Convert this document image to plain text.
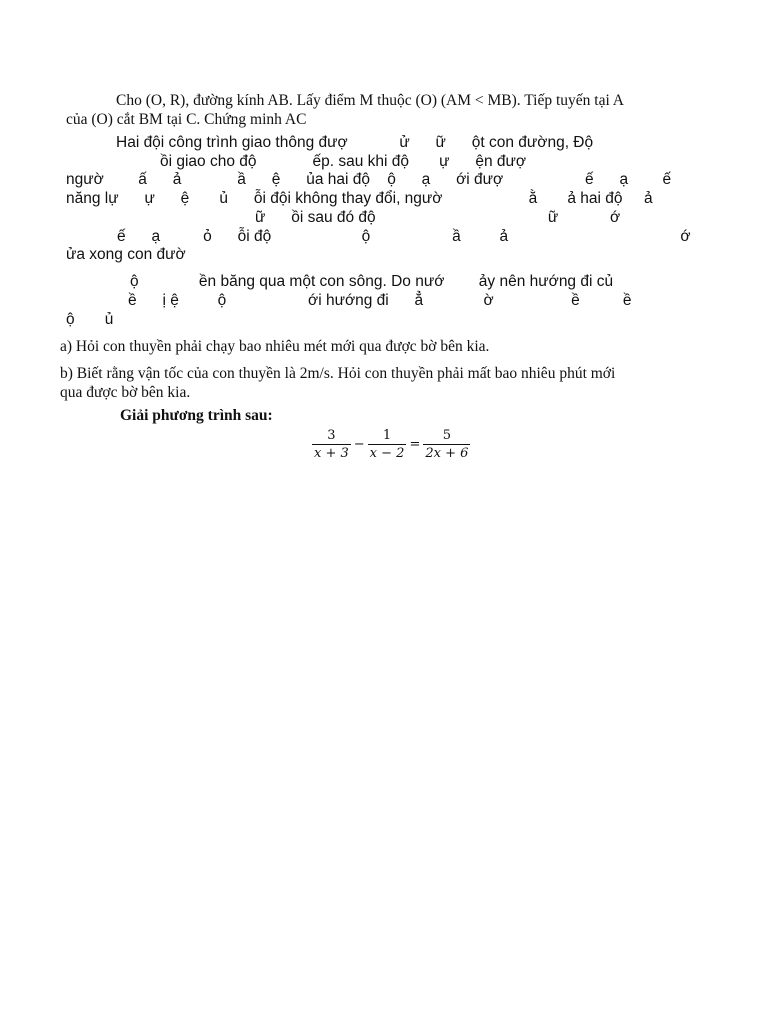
Cho (O, R), đường kính AB. Lấy điểm M thuộc (O) (AM < MB). Tiếp tuyến tại A
của (O) cắt BM tại C. Chứng minh AC
Hai đội công trình giao thông đượ            ử      ữ      ột con đường, Độ
ồi giao cho độ             ếp. sau khi độ       ự      ện đượ
ngườ        ấ      ả             ầ      ệ      ủa hai độ    ộ      ạ      ới đượ                   ế      ạ        ế
năng lự      ự      ệ       ủ      ỗi đội không thay đổi, ngườ                    ằ       ả hai độ     ả
ữ      ồi sau đó độ                                        ữ            ớ
ế      ạ          ỏ      ỗi độ                     ộ                   ầ         ả                                        ớ
ửa xong con đườ
ộ              ền băng qua một con sông. Do nướ        ảy nên hướng đi củ
ề      ị ệ         ộ                   ới hướng đi      ẳ              ờ                  ề          ề
ộ       ủ
a) Hỏi con thuyền phải chạy bao nhiêu mét mới qua được bờ bên kia.
b) Biết rằng vận tốc của con thuyền là 2m/s. Hỏi con thuyền phải mất bao nhiêu phút mới
qua được bờ bên kia.
Giải phương trình sau:
$\frac{3}{x + 3} - \frac{1}{x - 2} = \frac{5}{2x + 6}$
